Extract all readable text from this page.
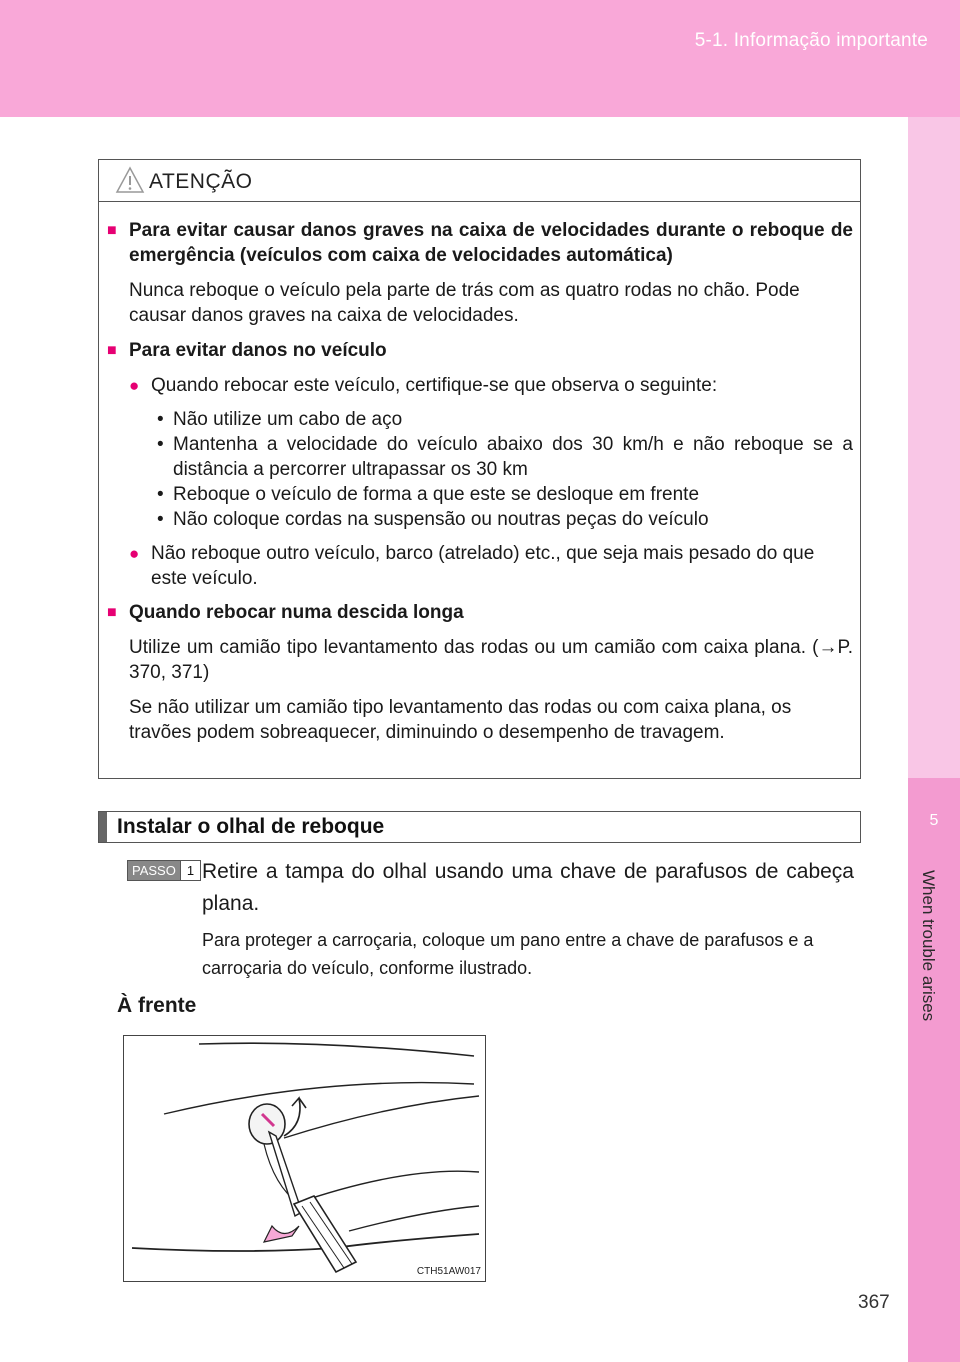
5-1. Informação importante
5
When trouble arises
ATENÇÃO
■ Para evitar causar danos graves na caixa de velocidades durante o reboque de emergência (veículos com caixa de velocidades automática)
Nunca reboque o veículo pela parte de trás com as quatro rodas no chão. Pode causar danos graves na caixa de velocidades.
■ Para evitar danos no veículo
● Quando rebocar este veículo, certifique-se que observa o seguinte:
• Não utilize um cabo de aço
• Mantenha a velocidade do veículo abaixo dos 30 km/h e não reboque se a distância a percorrer ultrapassar os 30 km
• Reboque o veículo de forma a que este se desloque em frente
• Não coloque cordas na suspensão ou noutras peças do veículo
● Não reboque outro veículo, barco (atrelado) etc., que seja mais pesado do que este veículo.
■ Quando rebocar numa descida longa
Utilize um camião tipo levantamento das rodas ou um camião com caixa plana. (→P. 370, 371)
Se não utilizar um camião tipo levantamento das rodas ou com caixa plana, os travões podem sobreaquecer, diminuindo o desempenho de travagem.
Instalar o olhal de reboque
PASSO 1 Retire a tampa do olhal usando uma chave de parafusos de cabeça plana.
Para proteger a carroçaria, coloque um pano entre a chave de parafusos e a carroçaria do veículo, conforme ilustrado.
À frente
CTH51AW017
367
